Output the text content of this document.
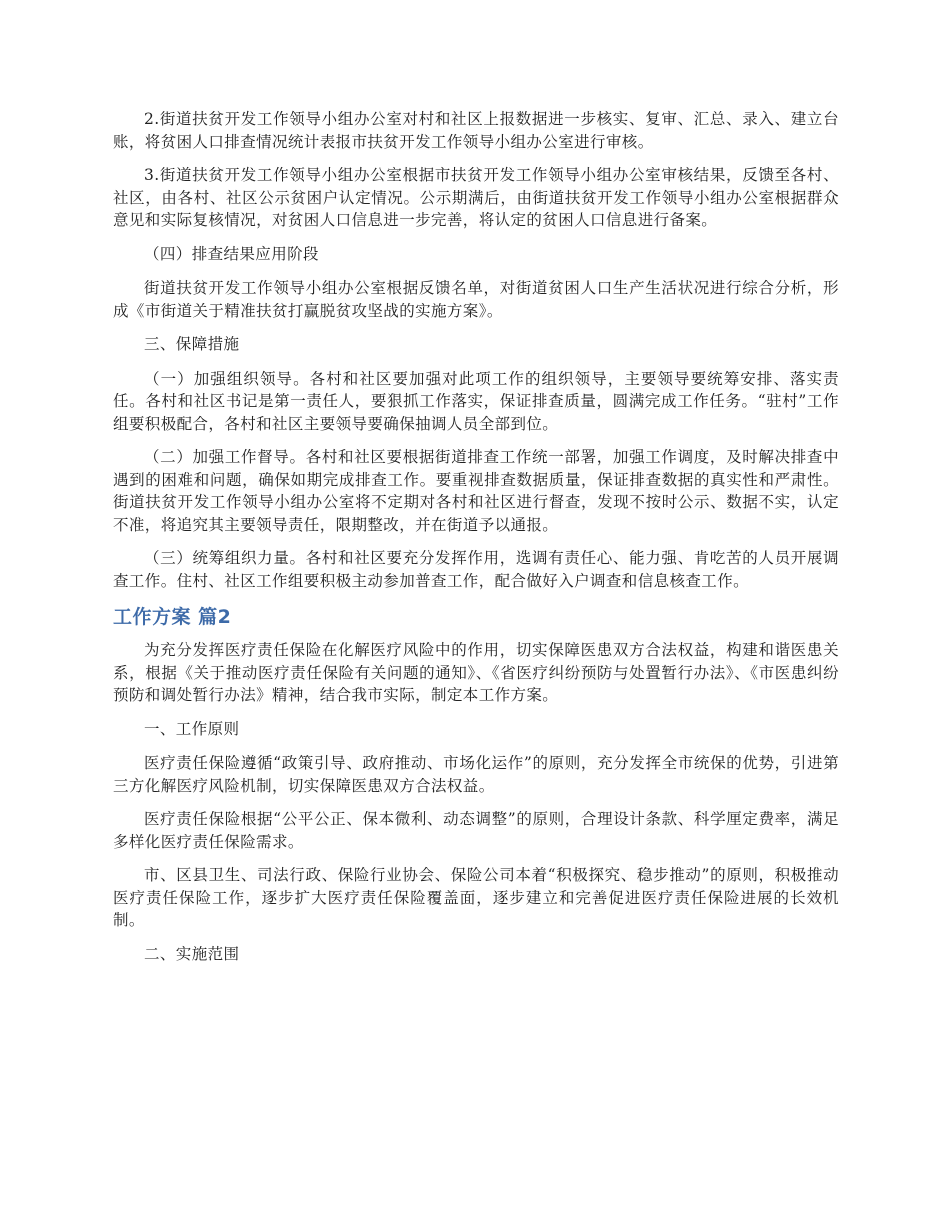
2.街道扶贫开发工作领导小组办公室对村和社区上报数据进一步核实、复审、汇总、录入、建立台账，将贫困人口排查情况统计表报市扶贫开发工作领导小组办公室进行审核。

3.街道扶贫开发工作领导小组办公室根据市扶贫开发工作领导小组办公室审核结果，反馈至各村、社区，由各村、社区公示贫困户认定情况。公示期满后，由街道扶贫开发工作领导小组办公室根据群众意见和实际复核情况，对贫困人口信息进一步完善，将认定的贫困人口信息进行备案。

（四）排查结果应用阶段

街道扶贫开发工作领导小组办公室根据反馈名单，对街道贫困人口生产生活状况进行综合分析，形成《市街道关于精准扶贫打赢脱贫攻坚战的实施方案》。

三、保障措施

（一）加强组织领导。各村和社区要加强对此项工作的组织领导，主要领导要统筹安排、落实责任。各村和社区书记是第一责任人，要狠抓工作落实，保证排查质量，圆满完成工作任务。“驻村”工作组要积极配合，各村和社区主要领导要确保抽调人员全部到位。

（二）加强工作督导。各村和社区要根据街道排查工作统一部署，加强工作调度，及时解决排查中遇到的困难和问题，确保如期完成排查工作。要重视排查数据质量，保证排查数据的真实性和严肃性。街道扶贫开发工作领导小组办公室将不定期对各村和社区进行督查，发现不按时公示、数据不实，认定不准，将追究其主要领导责任，限期整改，并在街道予以通报。

（三）统筹组织力量。各村和社区要充分发挥作用，选调有责任心、能力强、肯吃苦的人员开展调查工作。住村、社区工作组要积极主动参加普查工作，配合做好入户调查和信息核查工作。

工作方案 篇2

为充分发挥医疗责任保险在化解医疗风险中的作用，切实保障医患双方合法权益，构建和谐医患关系，根据《关于推动医疗责任保险有关问题的通知》、《省医疗纠纷预防与处置暂行办法》、《市医患纠纷预防和调处暂行办法》精神，结合我市实际，制定本工作方案。

一、工作原则

医疗责任保险遵循“政策引导、政府推动、市场化运作”的原则，充分发挥全市统保的优势，引进第三方化解医疗风险机制，切实保障医患双方合法权益。

医疗责任保险根据“公平公正、保本微利、动态调整”的原则，合理设计条款、科学厘定费率，满足多样化医疗责任保险需求。

市、区县卫生、司法行政、保险行业协会、保险公司本着“积极探究、稳步推动”的原则，积极推动医疗责任保险工作，逐步扩大医疗责任保险覆盖面，逐步建立和完善促进医疗责任保险进展的长效机制。

二、实施范围
